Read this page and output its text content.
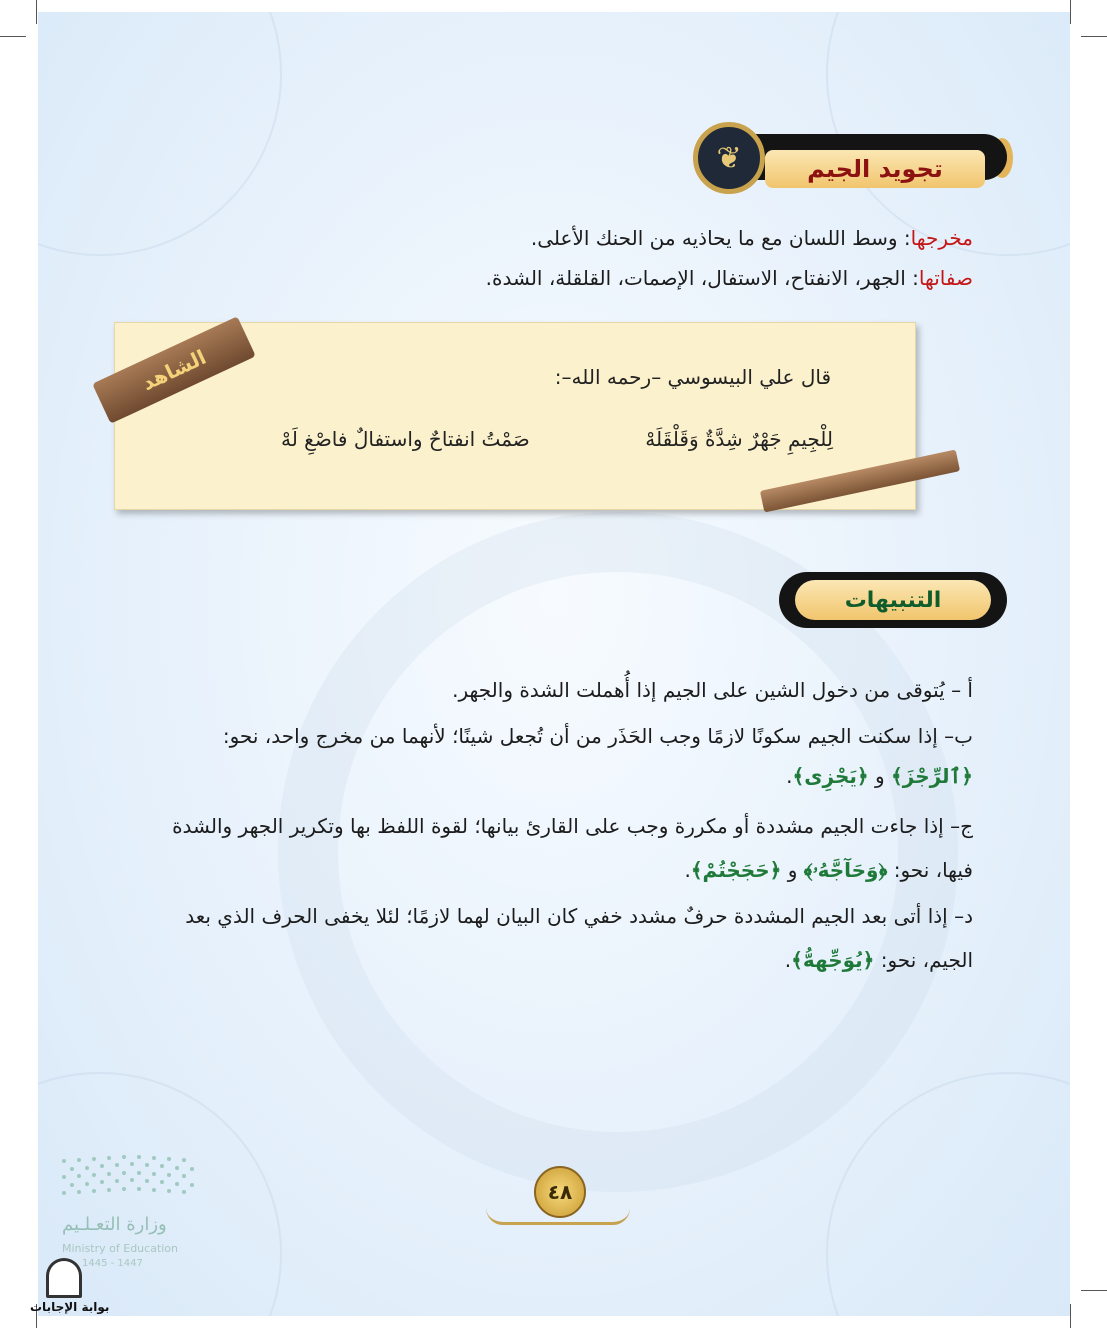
تجويد الجيم
❦
مخرجها: وسط اللسان مع ما يحاذيه من الحنك الأعلى.
صفاتها: الجهر، الانفتاح، الاستفال، الإصمات، القلقلة، الشدة.
قال علي البيسوسي –رحمه الله–:
لِلْجِيمِ جَهْرٌ شِدَّةٌ وَقَلْقَلَهْ
صَمْتُ انفتاحٌ واستفالٌ فاصْغِ لَهْ
الشاهد
التنبيهات
أ – يُتوقى من دخول الشين على الجيم إذا أُهملت الشدة والجهر.
ب– إذا سكنت الجيم سكونًا لازمًا وجب الحَذَر من أن تُجعل شينًا؛ لأنهما من مخرج واحد، نحو:
﴿ٱلرِّجْزَ﴾ و ﴿يَجْزِى﴾.
ج– إذا جاءت الجيم مشددة أو مكررة وجب على القارئ بيانها؛ لقوة اللفظ بها وتكرير الجهر والشدة
فيها، نحو: ﴿وَحَآجَّهُۥ﴾ و ﴿حَجَجْتُمْ﴾.
د– إذا أتى بعد الجيم المشددة حرفٌ مشدد خفي كان البيان لهما لازمًا؛ لئلا يخفى الحرف الذي بعد
الجيم، نحو: ﴿يُوَجِّههُّ﴾.
٤٨
وزارة التعـلـيم
Ministry of Education
1445 - 1447
بوابة الإجابات
